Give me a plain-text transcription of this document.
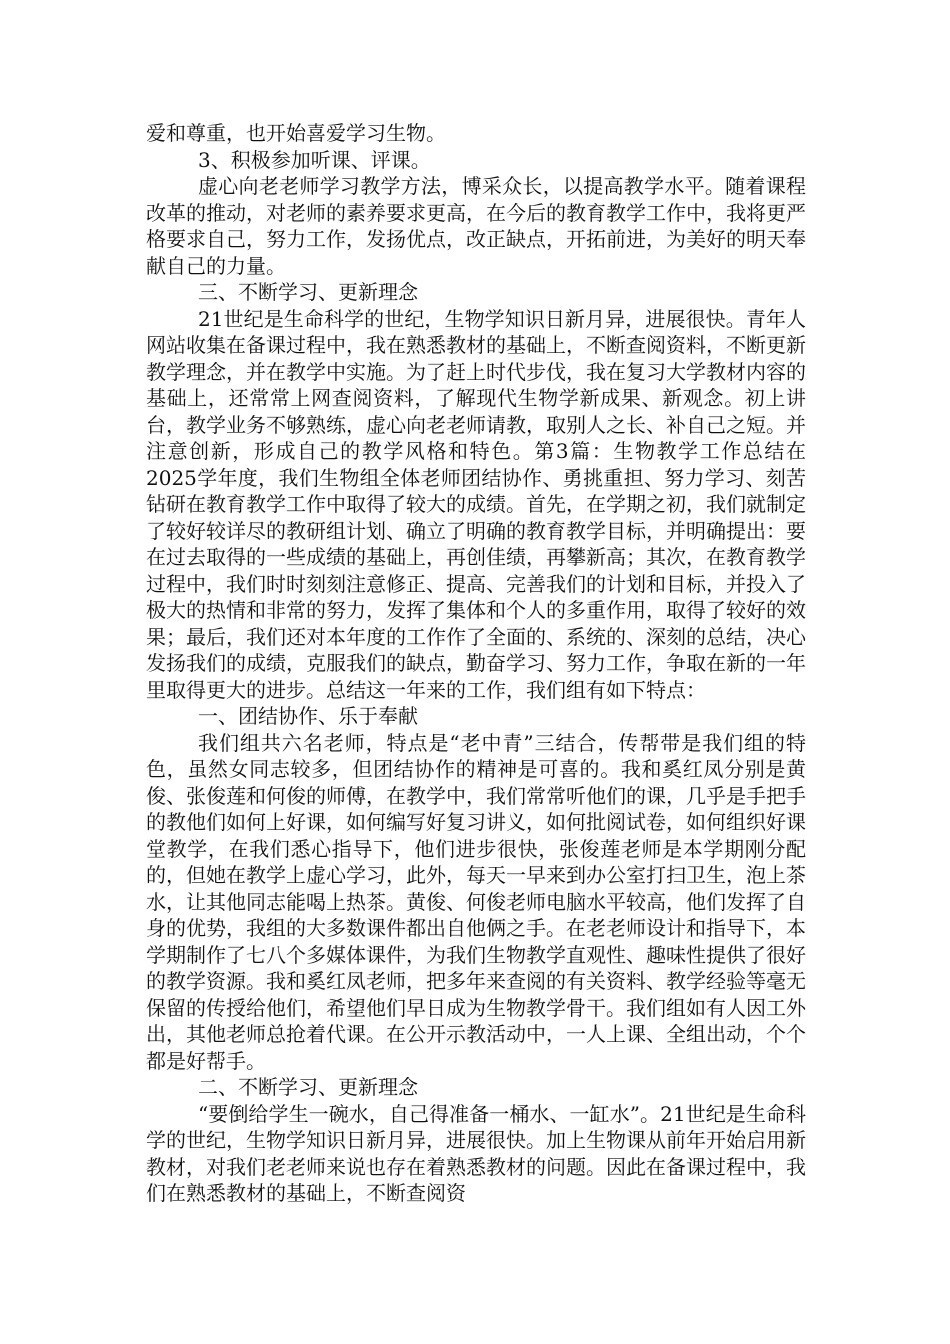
爱和尊重，也开始喜爱学习生物。

3、积极参加听课、评课。

虚心向老老师学习教学方法，博采众长，以提高教学水平。随着课程改革的推动，对老师的素养要求更高，在今后的教育教学工作中，我将更严格要求自己，努力工作，发扬优点，改正缺点，开拓前进，为美好的明天奉献自己的力量。

三、不断学习、更新理念

21世纪是生命科学的世纪，生物学知识日新月异，进展很快。青年人网站收集在备课过程中，我在熟悉教材的基础上，不断查阅资料，不断更新教学理念，并在教学中实施。为了赶上时代步伐，我在复习大学教材内容的基础上，还常常上网查阅资料，了解现代生物学新成果、新观念。初上讲台，教学业务不够熟练，虚心向老老师请教，取别人之长、补自己之短。并注意创新，形成自己的教学风格和特色。第3篇：生物教学工作总结在2025学年度，我们生物组全体老师团结协作、勇挑重担、努力学习、刻苦钻研在教育教学工作中取得了较大的成绩。首先，在学期之初，我们就制定了较好较详尽的教研组计划、确立了明确的教育教学目标，并明确提出：要在过去取得的一些成绩的基础上，再创佳绩，再攀新高；其次，在教育教学过程中，我们时时刻刻注意修正、提高、完善我们的计划和目标，并投入了极大的热情和非常的努力，发挥了集体和个人的多重作用，取得了较好的效果；最后，我们还对本年度的工作作了全面的、系统的、深刻的总结，决心发扬我们的成绩，克服我们的缺点，勤奋学习、努力工作，争取在新的一年里取得更大的进步。总结这一年来的工作，我们组有如下特点：

一、团结协作、乐于奉献

我们组共六名老师，特点是“老中青”三结合，传帮带是我们组的特色，虽然女同志较多，但团结协作的精神是可喜的。我和奚红凤分别是黄俊、张俊莲和何俊的师傅，在教学中，我们常常听他们的课，几乎是手把手的教他们如何上好课，如何编写好复习讲义，如何批阅试卷，如何组织好课堂教学，在我们悉心指导下，他们进步很快，张俊莲老师是本学期刚分配的，但她在教学上虚心学习，此外，每天一早来到办公室打扫卫生，泡上茶水，让其他同志能喝上热茶。黄俊、何俊老师电脑水平较高，他们发挥了自身的优势，我组的大多数课件都出自他俩之手。在老老师设计和指导下，本学期制作了七八个多媒体课件，为我们生物教学直观性、趣味性提供了很好的教学资源。我和奚红凤老师，把多年来查阅的有关资料、教学经验等毫无保留的传授给他们，希望他们早日成为生物教学骨干。我们组如有人因工外出，其他老师总抢着代课。在公开示教活动中，一人上课、全组出动，个个都是好帮手。

二、不断学习、更新理念

“要倒给学生一碗水，自己得准备一桶水、一缸水”。21世纪是生命科学的世纪，生物学知识日新月异，进展很快。加上生物课从前年开始启用新教材，对我们老老师来说也存在着熟悉教材的问题。因此在备课过程中，我们在熟悉教材的基础上，不断查阅资
